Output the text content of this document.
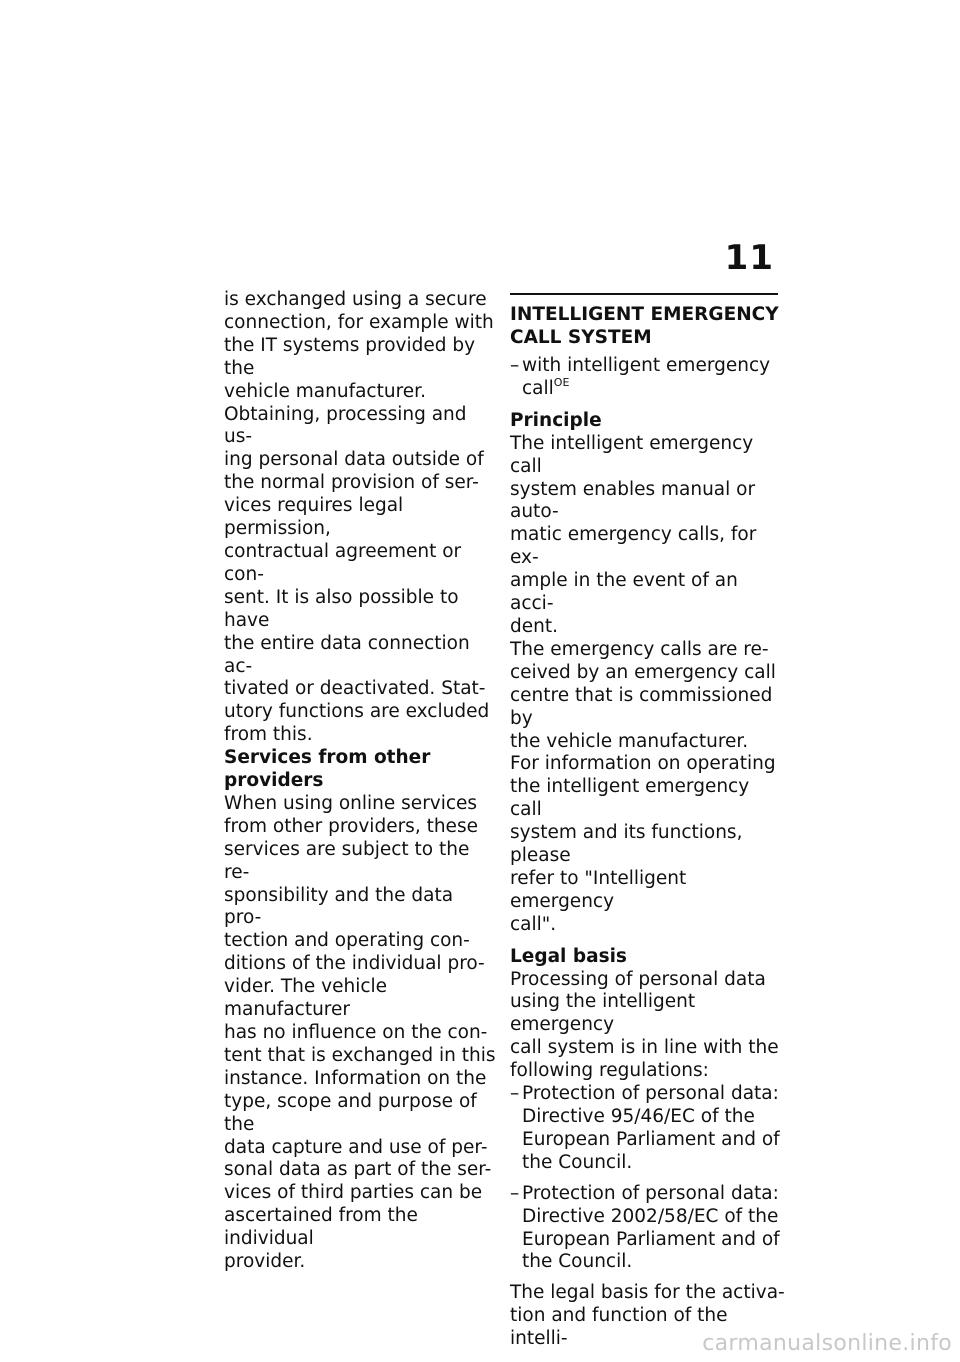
11

is exchanged using a secure
connection, for example with
the IT systems provided by the
vehicle manufacturer.

Obtaining, processing and us-
ing personal data outside of
the normal provision of ser-
vices requires legal permission,
contractual agreement or con-
sent. It is also possible to have
the entire data connection ac-
tivated or deactivated. Stat-
utory functions are excluded
from this.

Services from other providers

When using online services
from other providers, these
services are subject to the re-
sponsibility and the data pro-
tection and operating con-
ditions of the individual pro-
vider. The vehicle manufacturer
has no influence on the con-
tent that is exchanged in this
instance. Information on the
type, scope and purpose of the
data capture and use of per-
sonal data as part of the ser-
vices of third parties can be
ascertained from the individual
provider.

INTELLIGENT EMERGENCY
CALL SYSTEM
– with intelligent emergency
call$^{OE}$

Principle

The intelligent emergency call
system enables manual or auto-
matic emergency calls, for ex-
ample in the event of an acci-
dent.

The emergency calls are re-
ceived by an emergency call
centre that is commissioned by
the vehicle manufacturer.

For information on operating
the intelligent emergency call
system and its functions, please
refer to "Intelligent emergency
call".

Legal basis

Processing of personal data
using the intelligent emergency
call system is in line with the
following regulations:

– Protection of personal data:
Directive 95/46/EC of the
European Parliament and of
the Council.
– Protection of personal data:
Directive 2002/58/EC of the
European Parliament and of
the Council.

The legal basis for the activa-
tion and function of the intelli-	carmanualsonline.info
